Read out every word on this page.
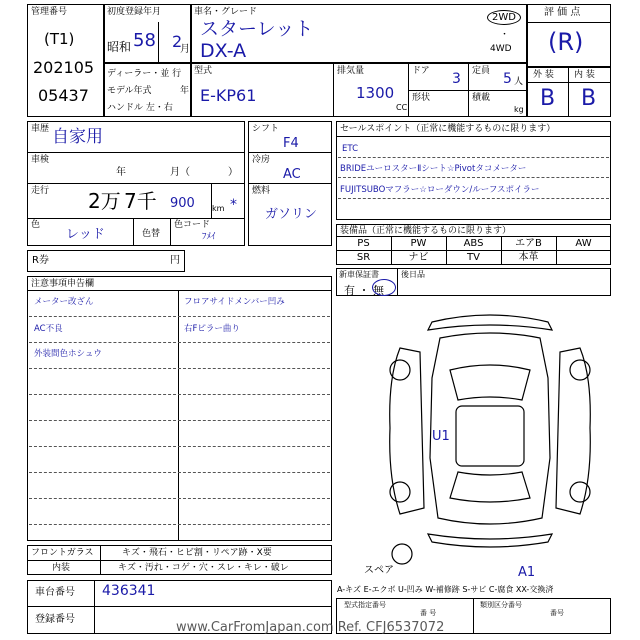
管理番号
(T1)
202105
05437
初度登録年月
昭和 58 2
月
車名・グレード
スターレット
DX-A
2WD
・
4WD
評 価 点
(R)
外 装 内 装
B B
ディーラー・並 行
モデル年式	年
ハンドル 左・右
型式
E-KP61
排気量
1300
CC
ドア 3 定員 5 人
形状	積載
kg
車歴 自家用
車検
年	月（	）
走行 2万 7千 900 km *
色
レッド	色替
色コード
ﾌﾒｲ
シフト
F4
冷房
AC
燃料
ガソリン
R券	円
セールスポイント（正常に機能するものに限ります）
ETC
BRIDEユーロスターⅡシート☆Pivotタコメーター
FUJITSUBOマフラー☆ローダウン/ルーフスポイラー
装備品（正常に機能するものに限ります）
PS	PW	ABS	エアB	AW
SR	ナビ	TV	本革
新車保証書
有 ・ 無
後日品
注意事項申告欄
メーター改ざん	フロアサイドメンバー凹み
AC不良	右Fピラー曲り
外装間色ホシュウ
U1
A1
スペア
フロントガラス	キズ・飛石・ヒビ割・リペア跡・X要
内装	キズ・汚れ・コゲ・穴・スレ・キレ・破レ
車台番号 436341
登録番号
A-キズ E-エクボ U-凹み W-補修跡 S-サビ C-腐食 XX-交換済
型式指定番号
番 号
類別区分番号
番号
www.CarFromJapan.com Ref. CFJ6537072
